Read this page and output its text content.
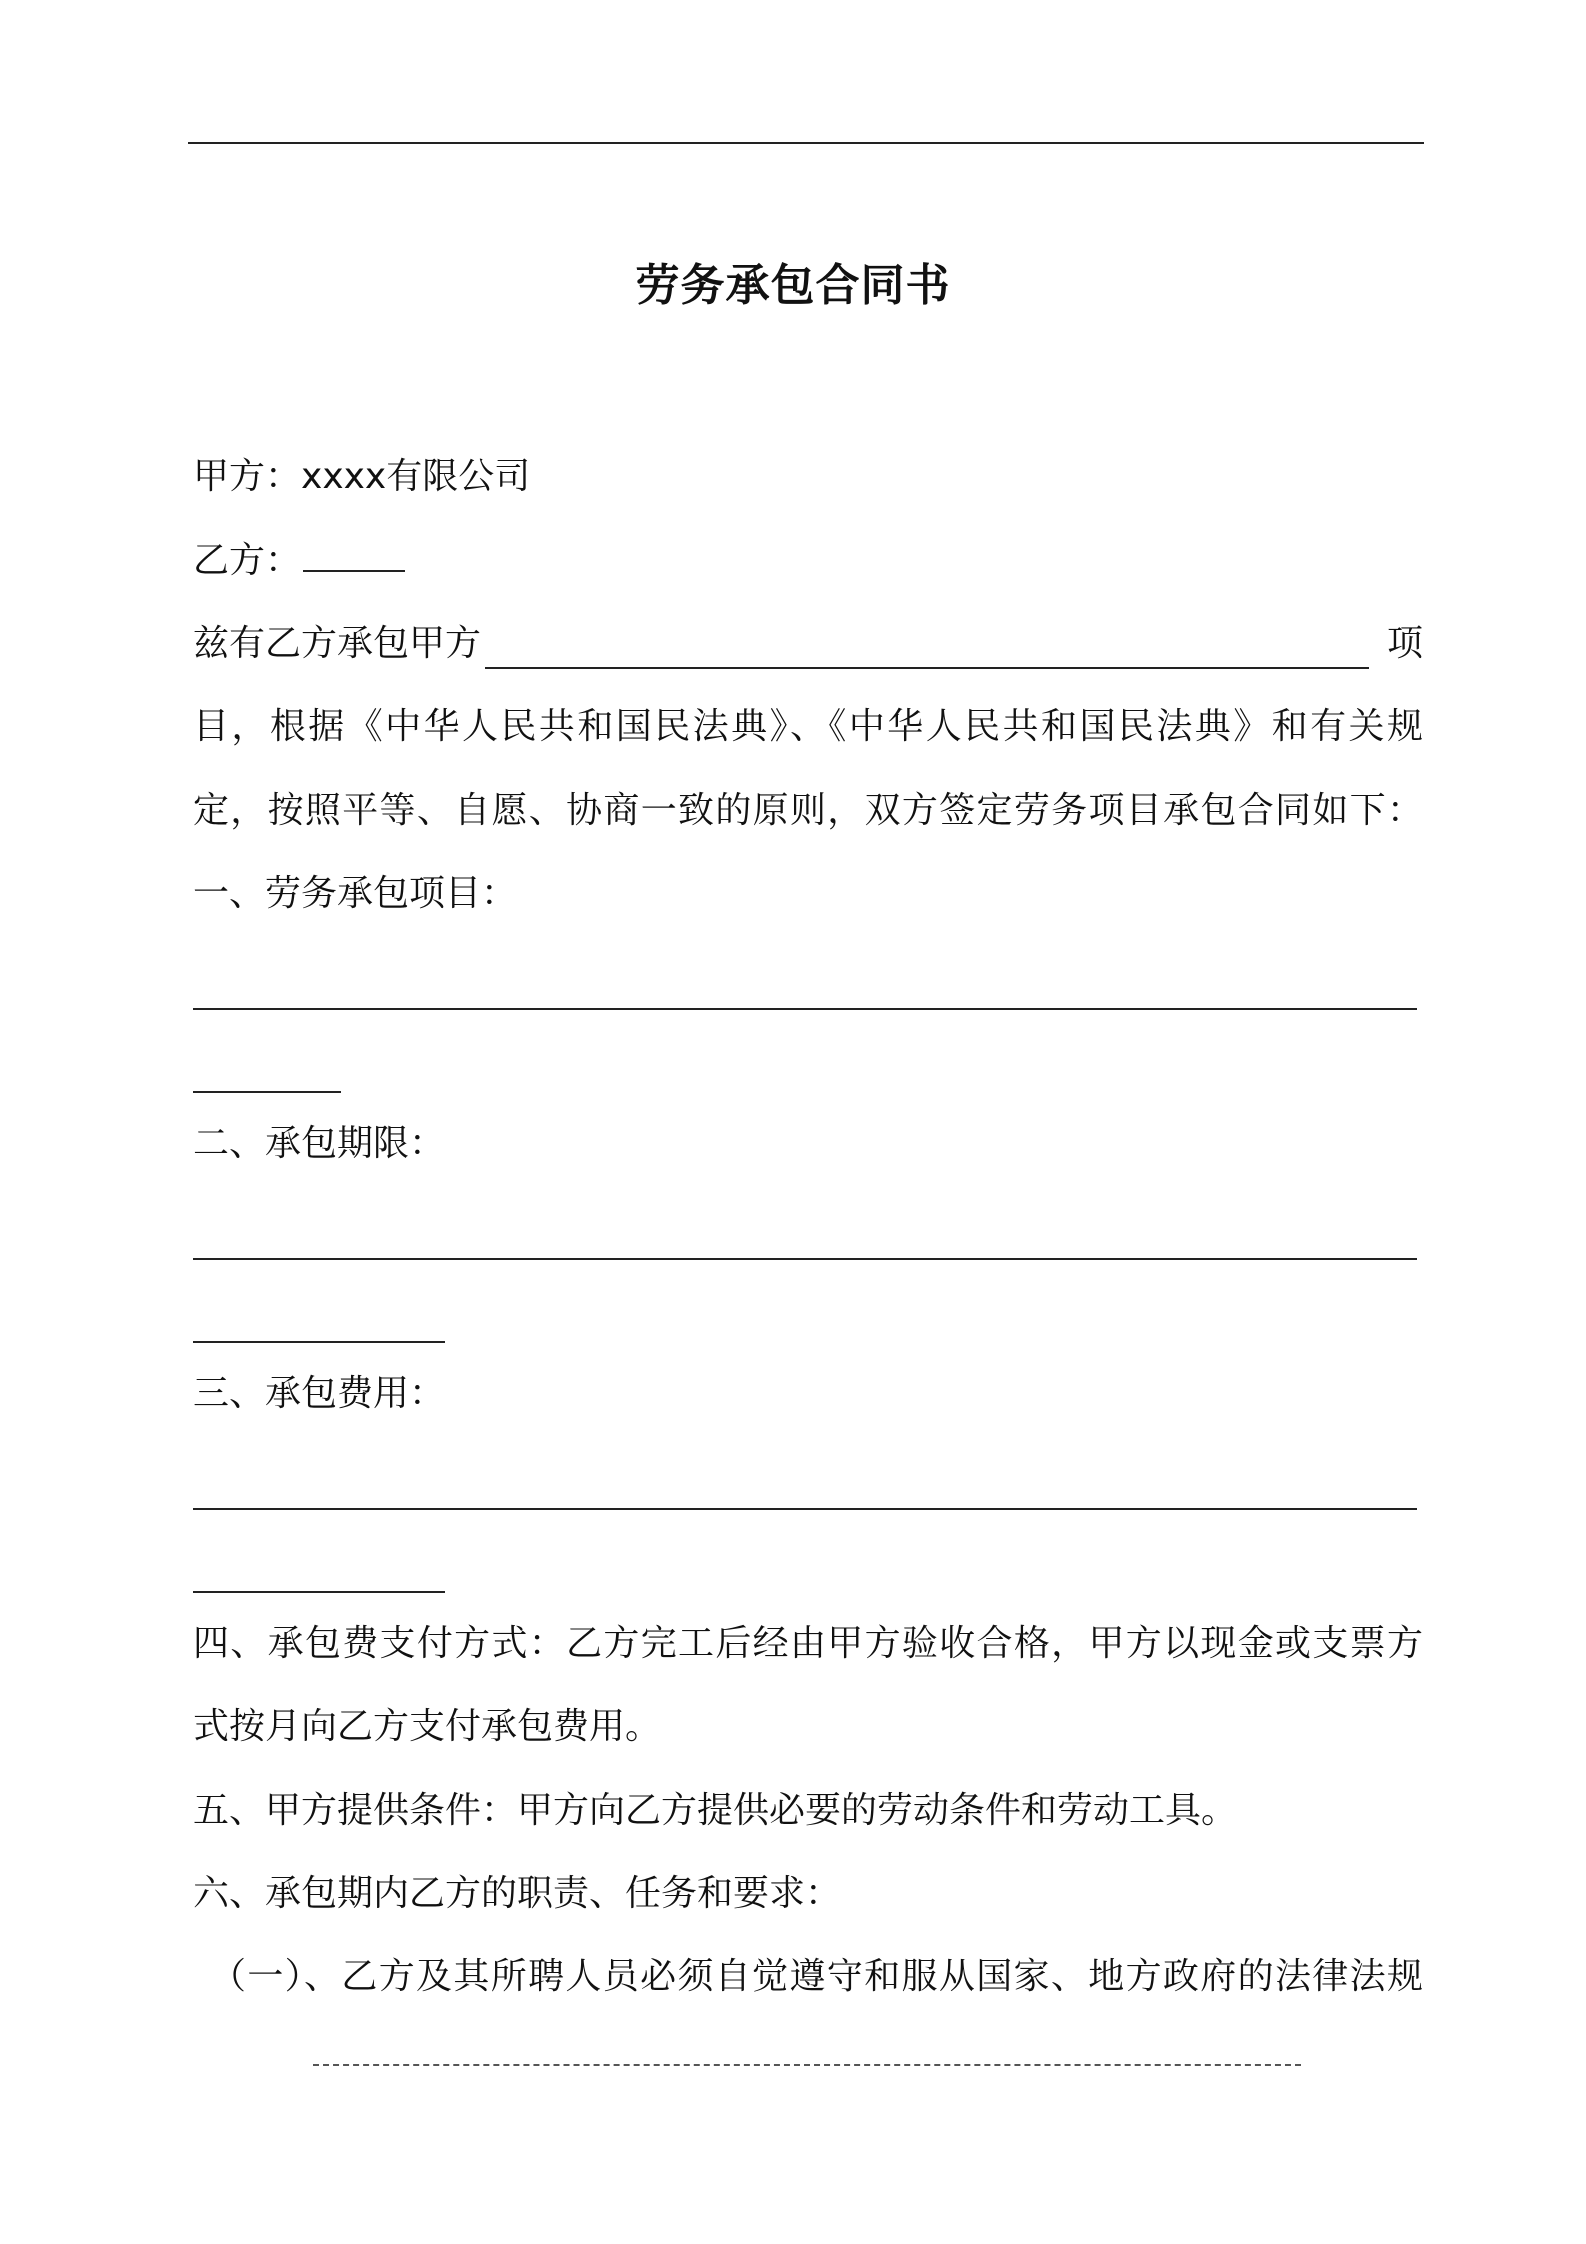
劳务承包合同书
甲方：xxxx有限公司
乙方：
兹有乙方承包甲方	项
目，根据《中华人民共和国民法典》、《中华人民共和国民法典》和有关规
定，按照平等、自愿、协商一致的原则，双方签定劳务项目承包合同如下：
一、劳务承包项目：
二、承包期限：
三、承包费用：
四、承包费支付方式：乙方完工后经由甲方验收合格，甲方以现金或支票方
式按月向乙方支付承包费用。
五、甲方提供条件：甲方向乙方提供必要的劳动条件和劳动工具。
六、承包期内乙方的职责、任务和要求：
（一）、乙方及其所聘人员必须自觉遵守和服从国家、地方政府的法律法规
